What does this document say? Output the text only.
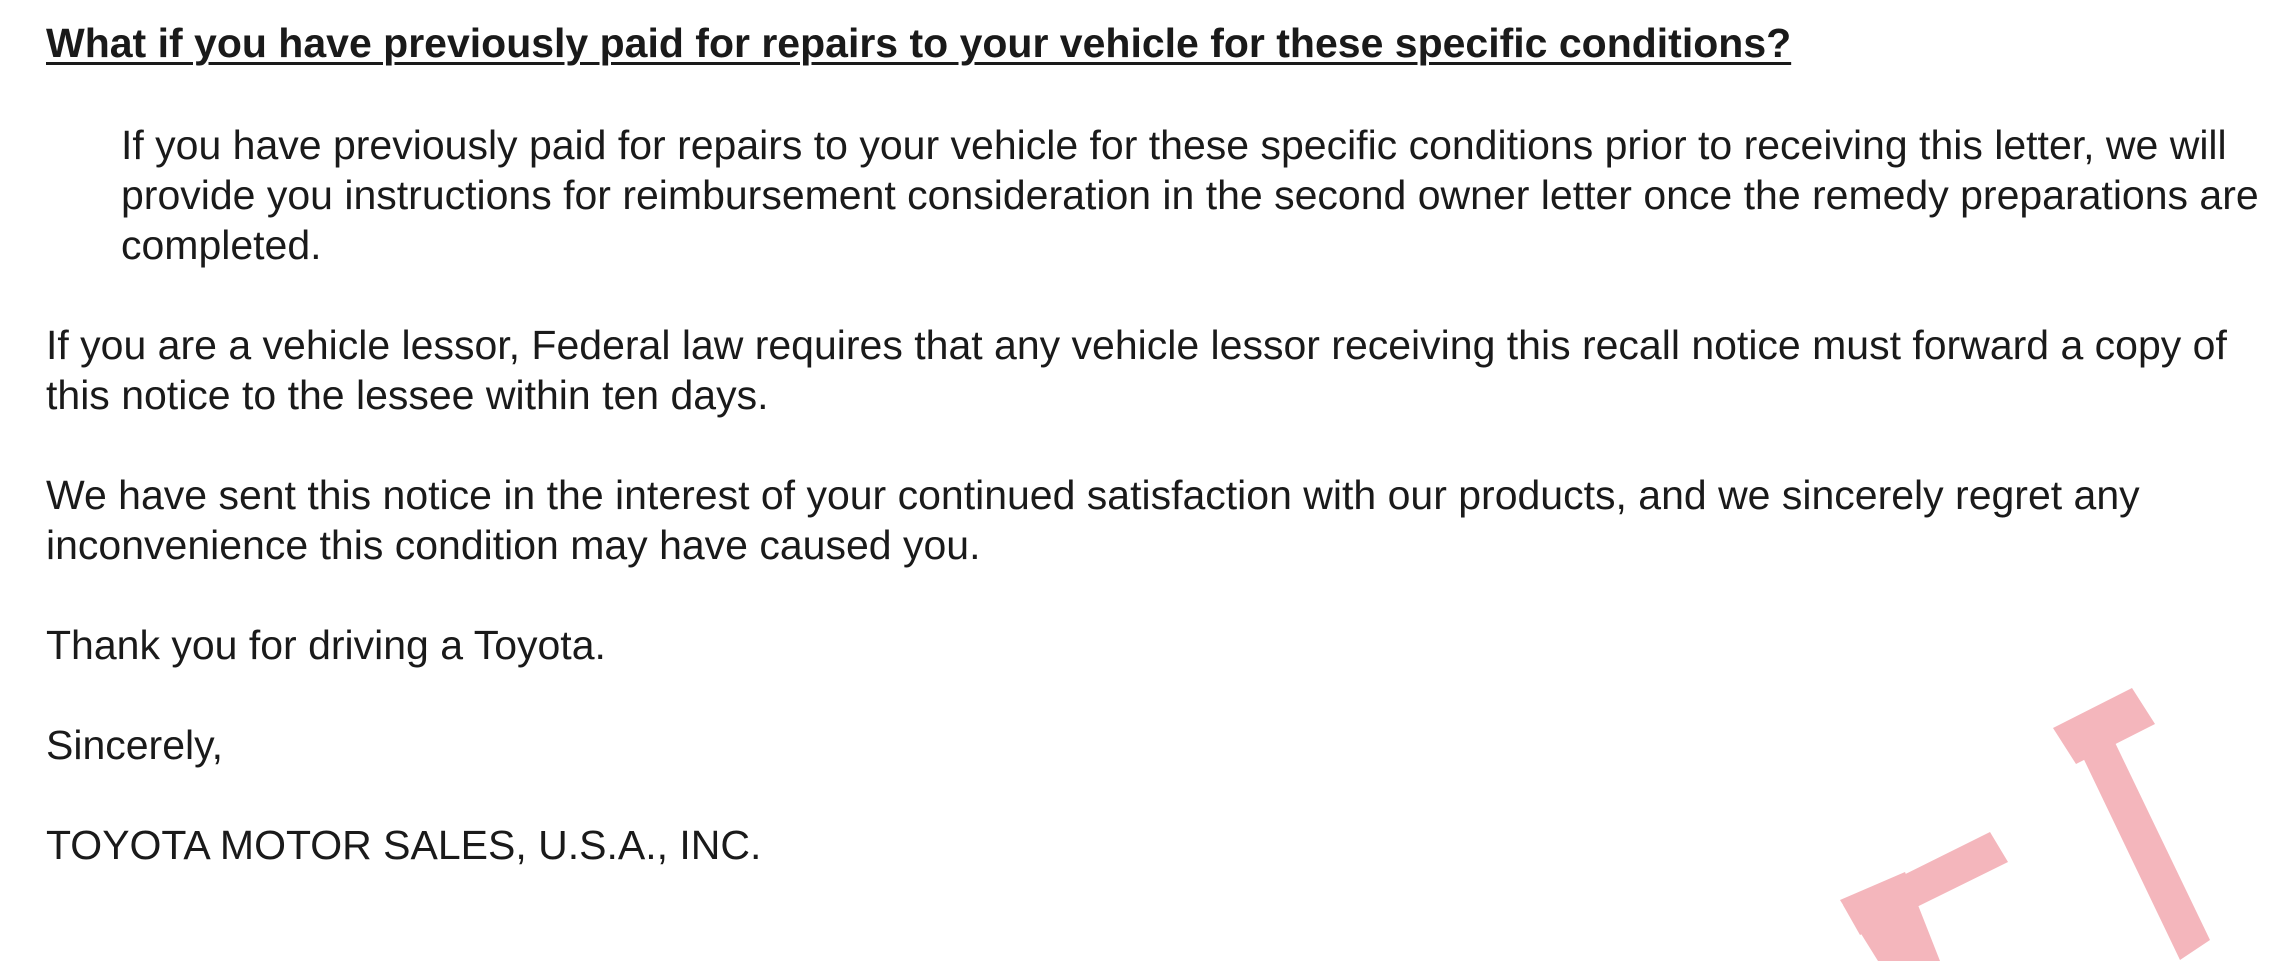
What if you have previously paid for repairs to your vehicle for these specific conditions?

If you have previously paid for repairs to your vehicle for these specific conditions prior to receiving this letter, we will provide you instructions for reimbursement consideration in the second owner letter once the remedy preparations are completed.

If you are a vehicle lessor, Federal law requires that any vehicle lessor receiving this recall notice must forward a copy of this notice to the lessee within ten days.

We have sent this notice in the interest of your continued satisfaction with our products, and we sincerely regret any inconvenience this condition may have caused you.

Thank you for driving a Toyota.

Sincerely,

TOYOTA MOTOR SALES, U.S.A., INC.
